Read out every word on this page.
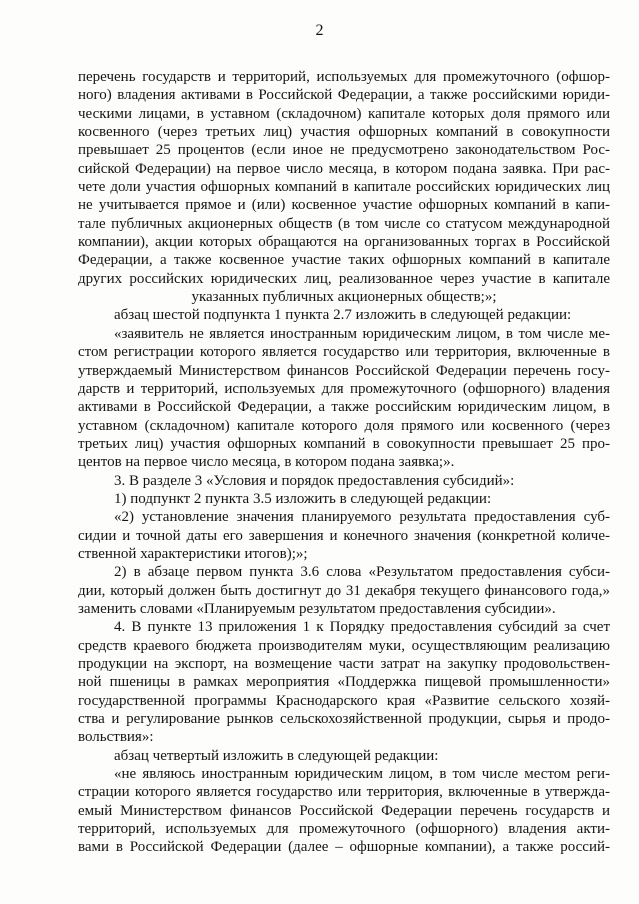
2
перечень государств и территорий, используемых для промежуточного (офшор-
ного) владения активами в Российской Федерации, а также российскими юриди-
ческими лицами, в уставном (складочном) капитале которых доля прямого или
косвенного (через третьих лиц) участия офшорных компаний в совокупности
превышает 25 процентов (если иное не предусмотрено законодательством Рос-
сийской Федерации) на первое число месяца, в котором подана заявка. При рас-
чете доли участия офшорных компаний в капитале российских юридических лиц
не учитывается прямое и (или) косвенное участие офшорных компаний в капи-
тале публичных акционерных обществ (в том числе со статусом международной
компании), акции которых обращаются на организованных торгах в Российской
Федерации, а также косвенное участие таких офшорных компаний в капитале
других российских юридических лиц, реализованное через участие в капитале
указанных публичных акционерных обществ;»;
абзац шестой подпункта 1 пункта 2.7 изложить в следующей редакции:
«заявитель не является иностранным юридическим лицом, в том числе ме-
стом регистрации которого является государство или территория, включенные в
утверждаемый Министерством финансов Российской Федерации перечень госу-
дарств и территорий, используемых для промежуточного (офшорного) владения
активами в Российской Федерации, а также российским юридическим лицом, в
уставном (складочном) капитале которого доля прямого или косвенного (через
третьих лиц) участия офшорных компаний в совокупности превышает 25 про-
центов на первое число месяца, в котором подана заявка;».
3. В разделе 3 «Условия и порядок предоставления субсидий»:
1) подпункт 2 пункта 3.5 изложить в следующей редакции:
«2) установление значения планируемого результата предоставления суб-
сидии и точной даты его завершения и конечного значения (конкретной количе-
ственной характеристики итогов);»;
2) в абзаце первом пункта 3.6 слова «Результатом предоставления субси-
дии, который должен быть достигнут до 31 декабря текущего финансового года,»
заменить словами «Планируемым результатом предоставления субсидии».
4. В пункте 13 приложения 1 к Порядку предоставления субсидий за счет
средств краевого бюджета производителям муки, осуществляющим реализацию
продукции на экспорт, на возмещение части затрат на закупку продовольствен-
ной пшеницы в рамках мероприятия «Поддержка пищевой промышленности»
государственной программы Краснодарского края «Развитие сельского хозяй-
ства и регулирование рынков сельскохозяйственной продукции, сырья и продо-
вольствия»:
абзац четвертый изложить в следующей редакции:
«не являюсь иностранным юридическим лицом, в том числе местом реги-
страции которого является государство или территория, включенные в утвержда-
емый Министерством финансов Российской Федерации перечень государств и
территорий, используемых для промежуточного (офшорного) владения акти-
вами в Российской Федерации (далее – офшорные компании), а также россий-
